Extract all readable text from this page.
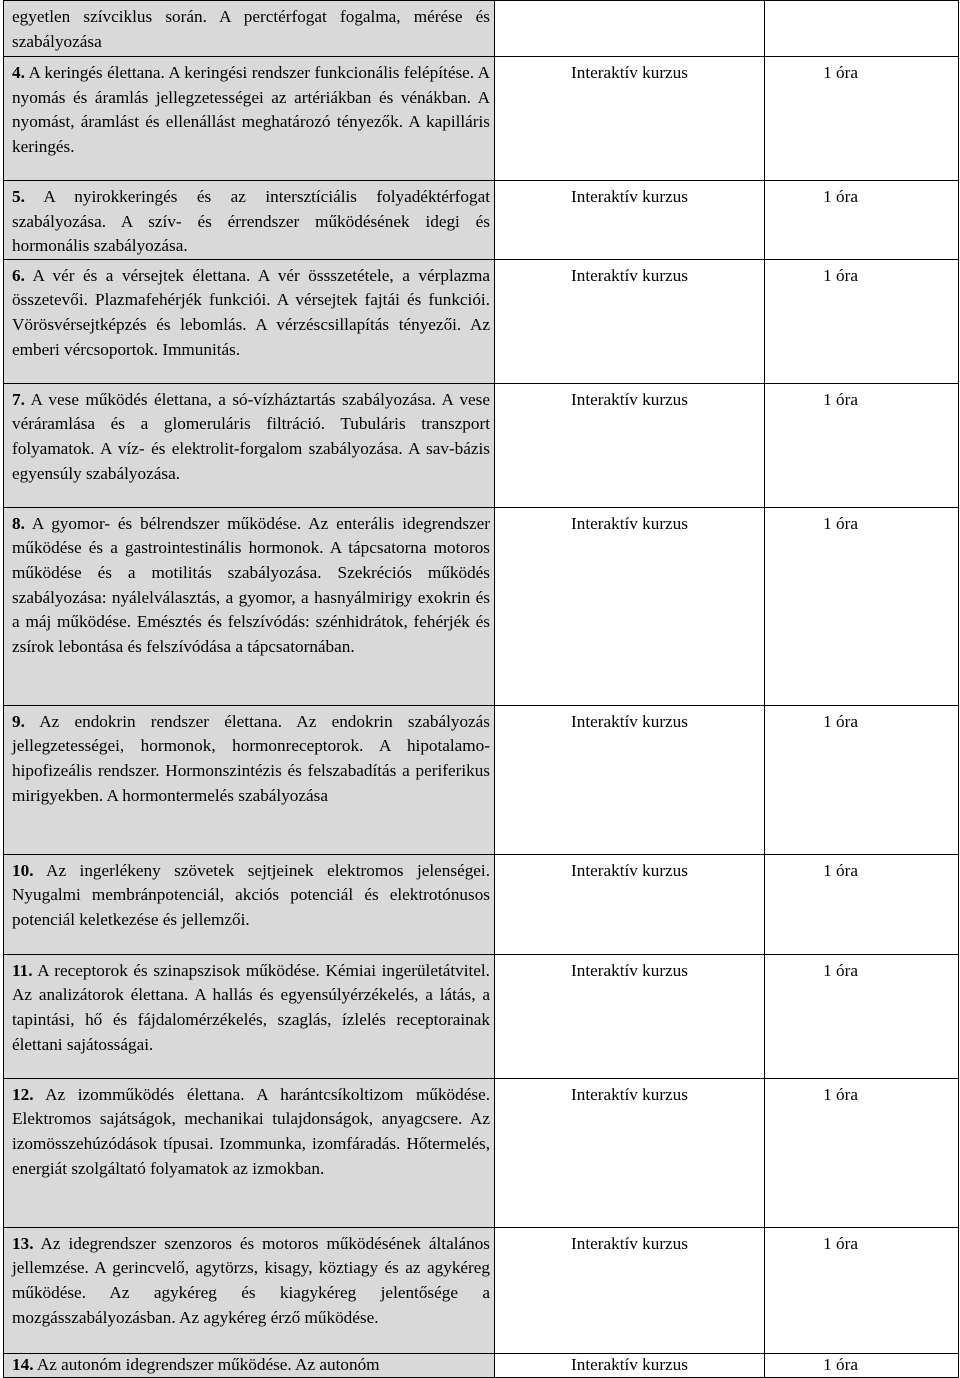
egyetlen szívciklus során. A perctérfogat fogalma, mérése és szabályozása		

4. A keringés élettana. A keringési rendszer funkcionális felépítése. A nyomás és áramlás jellegzetességei az artériákban és vénákban. A nyomást, áramlást és ellenállást meghatározó tényezők. A kapilláris keringés.	Interaktív kurzus	1 óra

5. A nyirokkeringés és az intersztíciális folyadéktérfogat szabályozása. A szív- és érrendszer működésének idegi és hormonális szabályozása.	Interaktív kurzus	1 óra

6. A vér és a vérsejtek élettana. A vér össszetétele, a vérplazma összetevői. Plazmafehérjék funkciói. A vérsejtek fajtái és funkciói. Vörösvérsejtképzés és lebomlás. A vérzéscsillapítás tényezői. Az emberi vércsoportok. Immunitás.	Interaktív kurzus	1 óra

7. A vese működés élettana, a só-vízháztartás szabályozása. A vese véráramlása és a glomeruláris filtráció. Tubuláris transzport folyamatok. A víz- és elektrolit-forgalom szabályozása. A sav-bázis egyensúly szabályozása.	Interaktív kurzus	1 óra

8. A gyomor- és bélrendszer működése. Az enterális idegrendszer működése és a gastrointestinális hormonok. A tápcsatorna motoros működése és a motilitás szabályozása. Szekréciós működés szabályozása: nyálelválasztás, a gyomor, a hasnyálmirigy exokrin és a máj működése. Emésztés és felszívódás: szénhidrátok, fehérjék és zsírok lebontása és felszívódása a tápcsatornában.	Interaktív kurzus	1 óra

9. Az endokrin rendszer élettana. Az endokrin szabályozás jellegzetességei, hormonok, hormonreceptorok. A hipotalamo-hipofizeális rendszer. Hormonszintézis és felszabadítás a periferikus mirigyekben. A hormontermelés szabályozása	Interaktív kurzus	1 óra

10. Az ingerlékeny szövetek sejtjeinek elektromos jelenségei. Nyugalmi membránpotenciál, akciós potenciál és elektrotónusos potenciál keletkezése és jellemzői.	Interaktív kurzus	1 óra

11. A receptorok és szinapszisok működése. Kémiai ingerületátvitel. Az analizátorok élettana. A hallás és egyensúlyérzékelés, a látás, a tapintási, hő és fájdalomérzékelés, szaglás, ízlelés receptorainak élettani sajátosságai.	Interaktív kurzus	1 óra

12. Az izomműködés élettana. A harántcsíkoltizom működése. Elektromos sajátságok, mechanikai tulajdonságok, anyagcsere. Az izomösszehúzódások típusai. Izommunka, izomfáradás. Hőtermelés, energiát szolgáltató folyamatok az izmokban.	Interaktív kurzus	1 óra

13. Az idegrendszer szenzoros és motoros működésének általános jellemzése. A gerincvelő, agytörzs, kisagy, köztiagy és az agykéreg működése. Az agykéreg és kiagykéreg jelentősége a mozgásszabályozásban. Az agykéreg érző működése.	Interaktív kurzus	1 óra

14. Az autonóm idegrendszer működése. Az autonóm	Interaktív kurzus	1 óra
